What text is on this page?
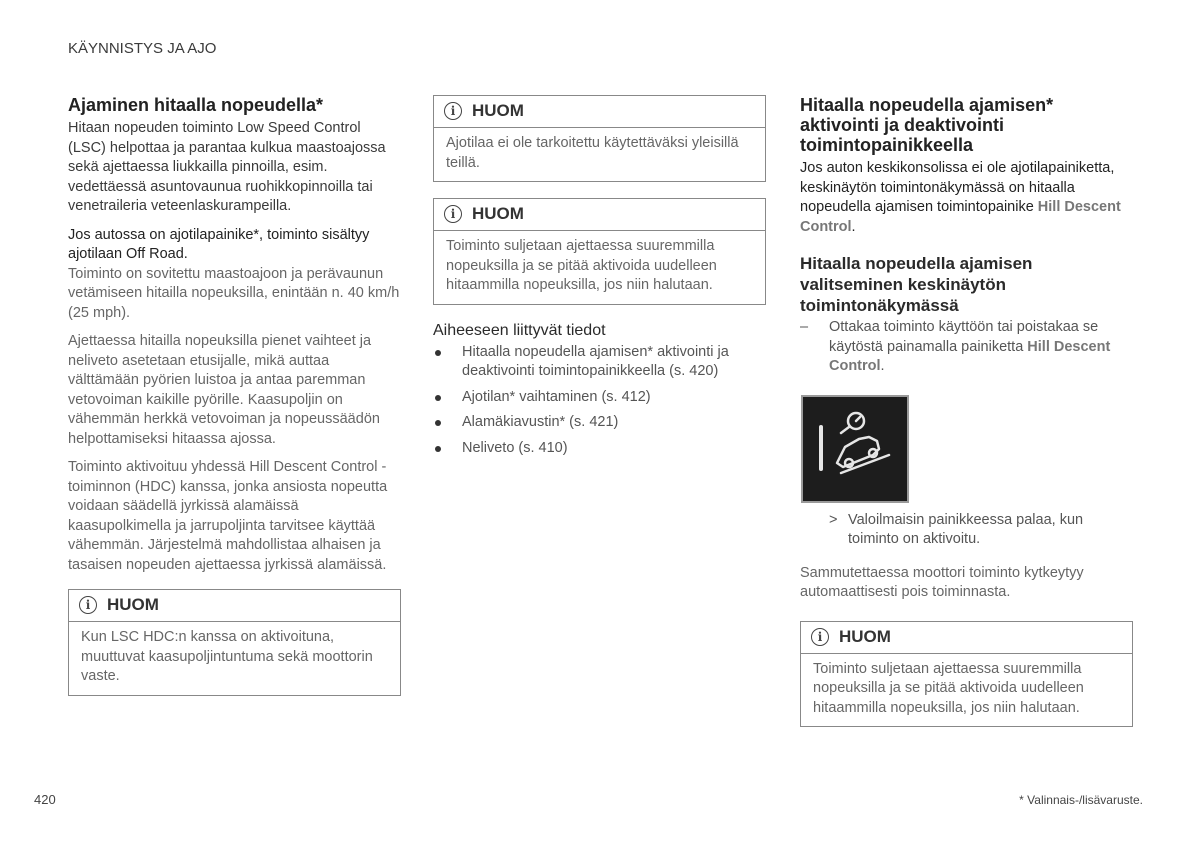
KÄYNNISTYS JA AJO
Ajaminen hitaalla nopeudella*

Hitaan nopeuden toiminto Low Speed Control (LSC) helpottaa ja parantaa kulkua maastoajossa sekä ajettaessa liukkailla pinnoilla, esim. vedettäessä asuntovaunua ruohikkopinnoilla tai venetraileria veteenlaskurampeilla.

Jos autossa on ajotilapainike*, toiminto sisältyy ajotilaan Off Road.

Toiminto on sovitettu maastoajoon ja perävaunun vetämiseen hitailla nopeuksilla, enintään n. 40 km/h (25 mph).

Ajettaessa hitailla nopeuksilla pienet vaihteet ja neliveto asetetaan etusijalle, mikä auttaa välttämään pyörien luistoa ja antaa paremman vetovoiman kaikille pyörille. Kaasupoljin on vähemmän herkkä vetovoiman ja nopeussäädön helpottamiseksi hitaassa ajossa.

Toiminto aktivoituu yhdessä Hill Descent Control -toiminnon (HDC) kanssa, jonka ansiosta nopeutta voidaan säädellä jyrkissä alamäissä kaasupolkimella ja jarrupoljinta tarvitsee käyttää vähemmän. Järjestelmä mahdollistaa alhaisen ja tasaisen nopeuden ajettaessa jyrkissä alamäissä.

i HUOM
Kun LSC HDC:n kanssa on aktivoituna, muuttuvat kaasupoljintuntuma sekä moottorin vaste.
i HUOM
Ajotilaa ei ole tarkoitettu käytettäväksi yleisillä teillä.
i HUOM
Toiminto suljetaan ajettaessa suuremmilla nopeuksilla ja se pitää aktivoida uudelleen hitaammilla nopeuksilla, jos niin halutaan.
Aiheeseen liittyvät tiedot
Hitaalla nopeudella ajamisen* aktivointi ja deaktivointi toimintopainikkeella (s. 420)
Ajotilan* vaihtaminen (s. 412)
Alamäkiavustin* (s. 421)
Neliveto (s. 410)
Hitaalla nopeudella ajamisen* aktivointi ja deaktivointi toimintopainikkeella

Jos auton keskikonsolissa ei ole ajotilapainiketta, keskinäytön toimintonäkymässä on hitaalla nopeudella ajamisen toimintopainike Hill Descent Control.

Hitaalla nopeudella ajamisen valitseminen keskinäytön toimintonäkymässä
– Ottakaa toiminto käyttöön tai poistakaa se käytöstä painamalla painiketta Hill Descent Control.
> Valoilmaisin painikkeessa palaa, kun toiminto on aktivoitu.

Sammutettaessa moottori toiminto kytkeytyy automaattisesti pois toiminnasta.

i HUOM
Toiminto suljetaan ajettaessa suuremmilla nopeuksilla ja se pitää aktivoida uudelleen hitaammilla nopeuksilla, jos niin halutaan.
420	* Valinnais-/lisävaruste.
